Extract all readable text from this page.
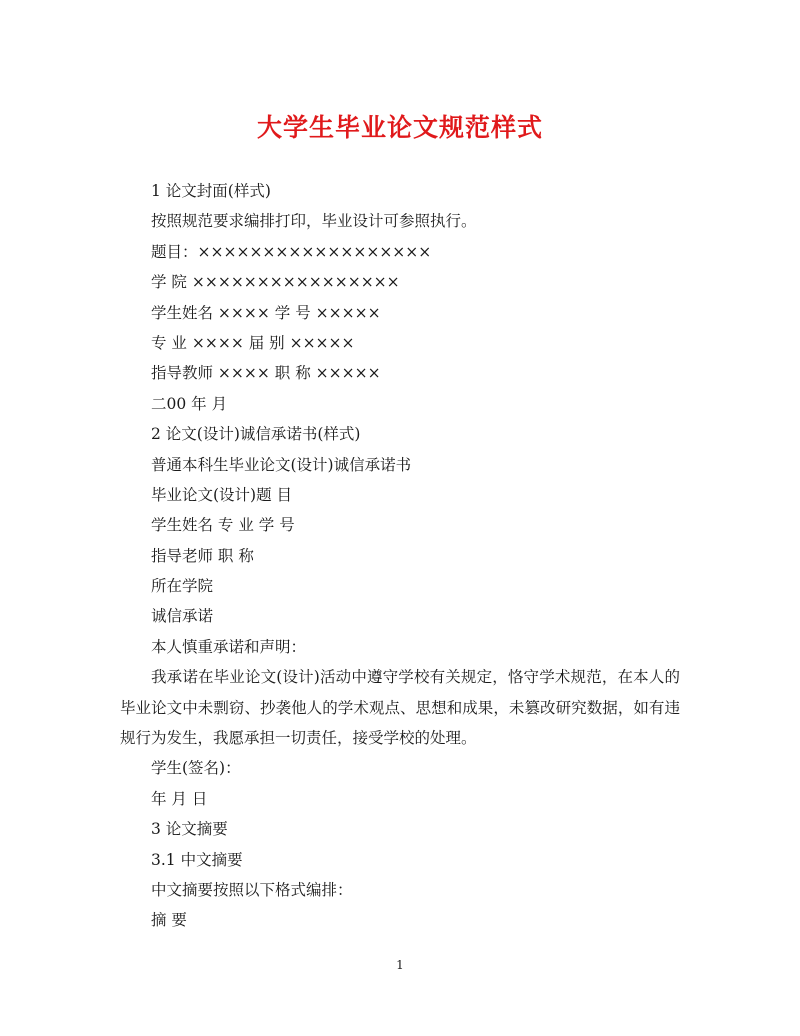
大学生毕业论文规范样式
1 论文封面(样式)
按照规范要求编排打印，毕业设计可参照执行。
题目：××××××××××××××××××
学 院 ××××××××××××××××
学生姓名 ×××× 学 号 ×××××
专 业 ×××× 届 别 ×××××
指导教师 ×××× 职 称 ×××××
二00 年 月
2 论文(设计)诚信承诺书(样式)
普通本科生毕业论文(设计)诚信承诺书
毕业论文(设计)题 目
学生姓名 专 业 学 号
指导老师 职 称
所在学院
诚信承诺
本人慎重承诺和声明：
我承诺在毕业论文(设计)活动中遵守学校有关规定，恪守学术规范，在本人的毕业论文中未剽窃、抄袭他人的学术观点、思想和成果，未篡改研究数据，如有违规行为发生，我愿承担一切责任，接受学校的处理。
学生(签名)：
年 月 日
3 论文摘要
3.1 中文摘要
中文摘要按照以下格式编排：
摘 要
1
